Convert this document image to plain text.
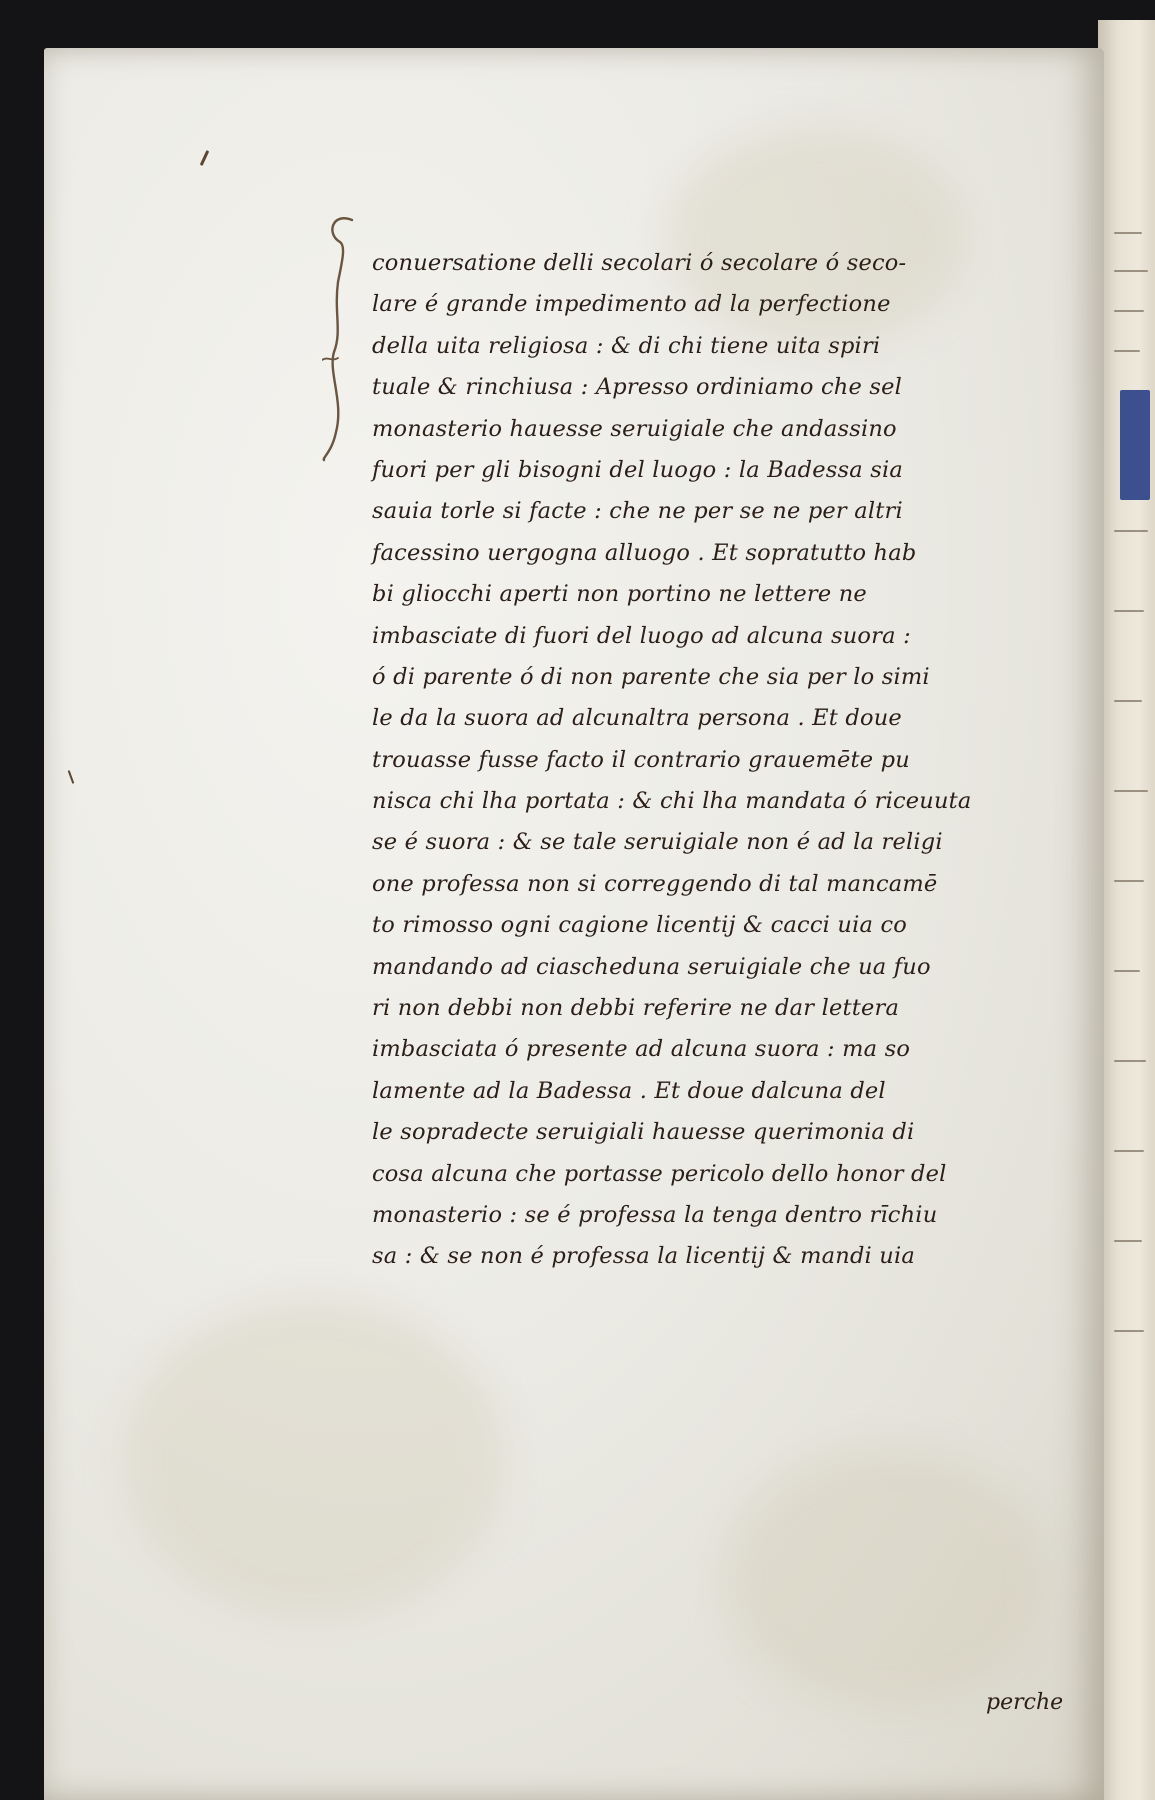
conuersatione delli secolari ó secolare ó seco-
lare é grande impedimento ad la perfectione
della uita religiosa : & di chi tiene uita spiri
tuale & rinchiusa : Apresso ordiniamo che sel
monasterio hauesse seruigiale che andassino
fuori per gli bisogni del luogo : la Badessa sia
sauia torle si facte : che ne per se ne per altri
facessino uergogna alluogo . Et sopratutto hab
bi gliocchi aperti non portino ne lettere ne
imbasciate di fuori del luogo ad alcuna suora :
ó di parente ó di non parente che sia per lo simi
le da la suora ad alcunaltra persona . Et doue
trouasse fusse facto il contrario grauemēte pu
nisca chi lha portata : & chi lha mandata ó riceuuta
se é suora : & se tale seruigiale non é ad la religi
one professa non si correggendo di tal mancamē
to rimosso ogni cagione licentij & cacci uia co
mandando ad ciascheduna seruigiale che ua fuo
ri non debbi non debbi referire ne dar lettera
imbasciata ó presente ad alcuna suora : ma so
lamente ad la Badessa . Et doue dalcuna del
le sopradecte seruigiali hauesse querimonia di
cosa alcuna che portasse pericolo dello honor del
monasterio : se é professa la tenga dentro rīchiu
sa : & se non é professa la licentij & mandi uia
perche
